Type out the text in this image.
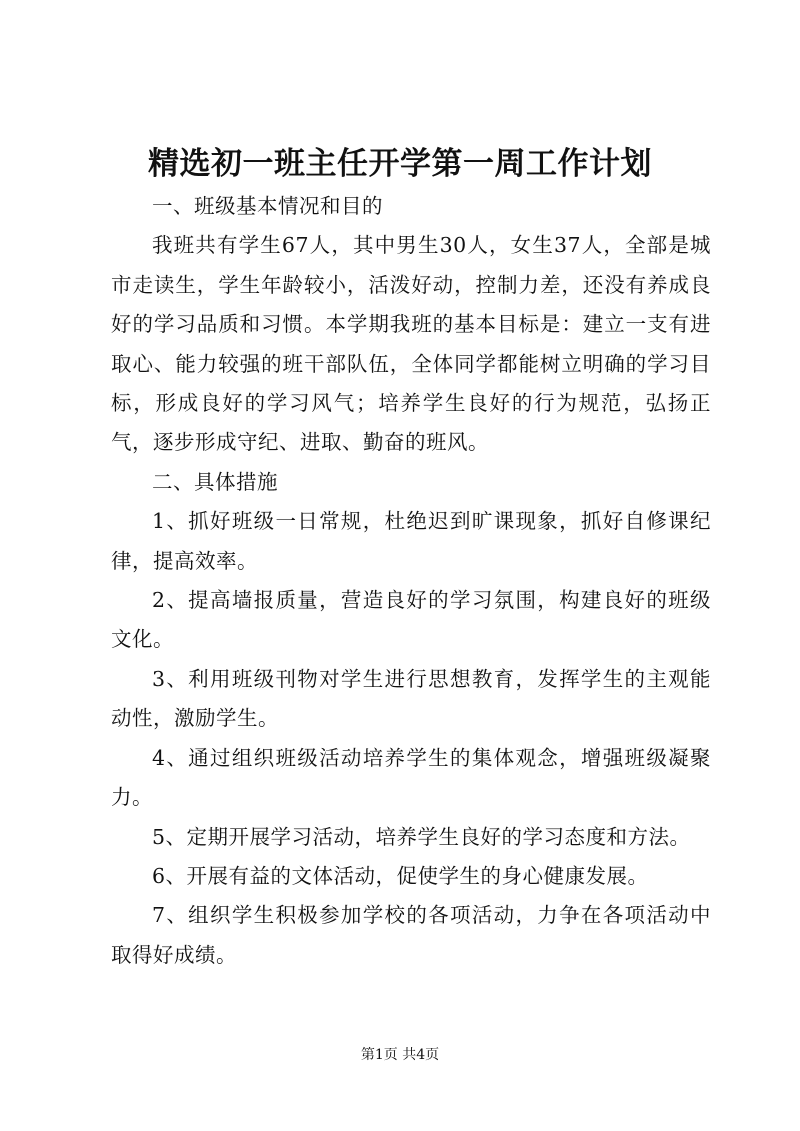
精选初一班主任开学第一周工作计划

一、班级基本情况和目的

我班共有学生67人，其中男生30人，女生37人，全部是城市走读生，学生年龄较小，活泼好动，控制力差，还没有养成良好的学习品质和习惯。本学期我班的基本目标是：建立一支有进取心、能力较强的班干部队伍，全体同学都能树立明确的学习目标，形成良好的学习风气；培养学生良好的行为规范，弘扬正气，逐步形成守纪、进取、勤奋的班风。

二、具体措施

1、抓好班级一日常规，杜绝迟到旷课现象，抓好自修课纪律，提高效率。

2、提高墙报质量，营造良好的学习氛围，构建良好的班级文化。

3、利用班级刊物对学生进行思想教育，发挥学生的主观能动性，激励学生。

4、通过组织班级活动培养学生的集体观念，增强班级凝聚力。

5、定期开展学习活动，培养学生良好的学习态度和方法。

6、开展有益的文体活动，促使学生的身心健康发展。

7、组织学生积极参加学校的各项活动，力争在各项活动中取得好成绩。

第1页 共4页
